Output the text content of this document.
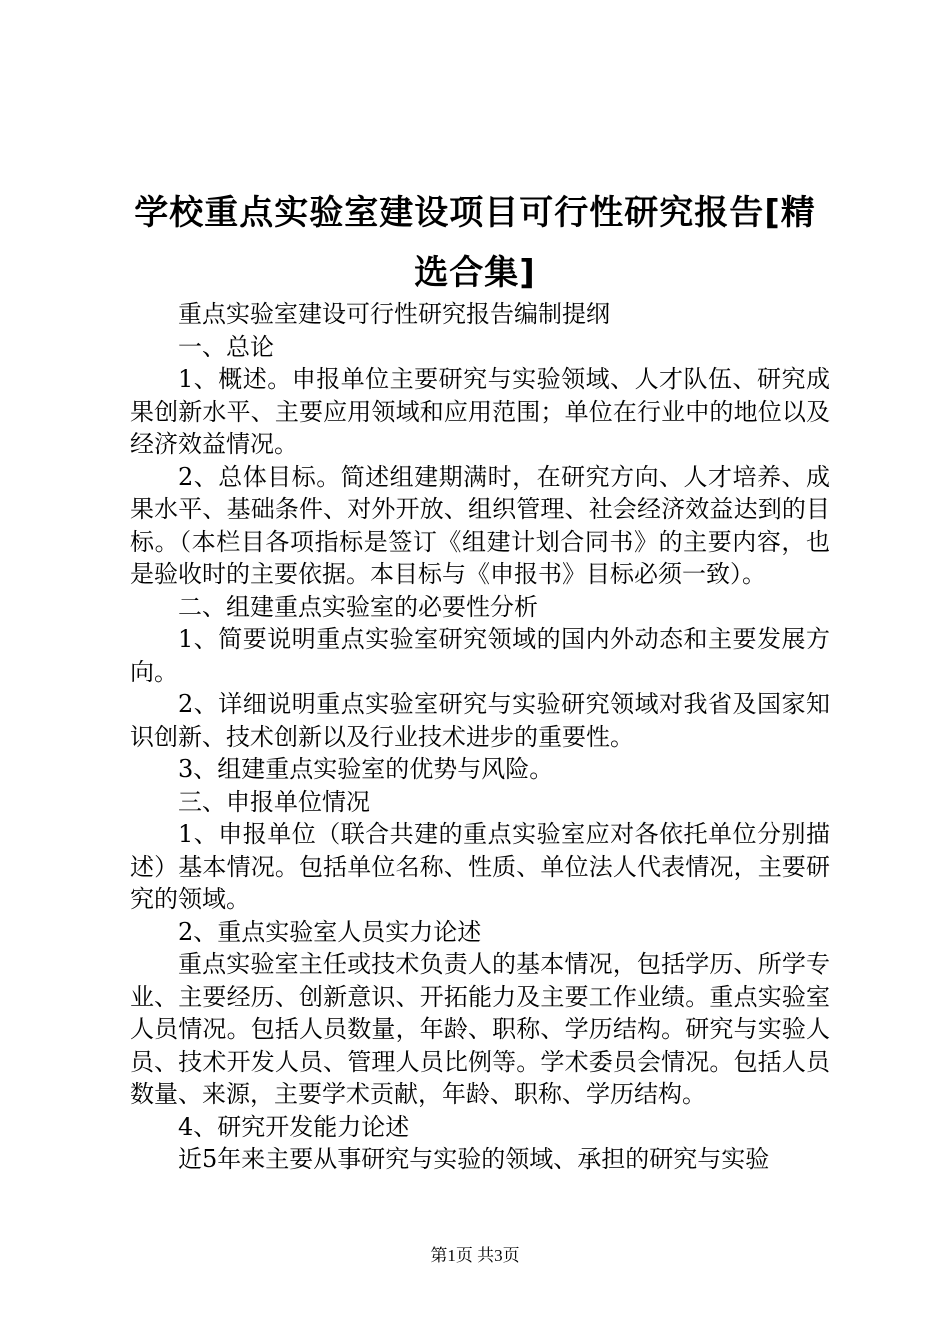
学校重点实验室建设项目可行性研究报告[精
选合集]

重点实验室建设可行性研究报告编制提纲

一、总论

1、概述。申报单位主要研究与实验领域、人才队伍、研究成果创新水平、主要应用领域和应用范围；单位在行业中的地位以及经济效益情况。

2、总体目标。简述组建期满时，在研究方向、人才培养、成果水平、基础条件、对外开放、组织管理、社会经济效益达到的目标。（本栏目各项指标是签订《组建计划合同书》的主要内容，也是验收时的主要依据。本目标与《申报书》目标必须一致）。

二、组建重点实验室的必要性分析

1、简要说明重点实验室研究领域的国内外动态和主要发展方向。

2、详细说明重点实验室研究与实验研究领域对我省及国家知识创新、技术创新以及行业技术进步的重要性。

3、组建重点实验室的优势与风险。

三、申报单位情况

1、申报单位（联合共建的重点实验室应对各依托单位分别描述）基本情况。包括单位名称、性质、单位法人代表情况，主要研究的领域。

2、重点实验室人员实力论述

重点实验室主任或技术负责人的基本情况，包括学历、所学专业、主要经历、创新意识、开拓能力及主要工作业绩。重点实验室人员情况。包括人员数量，年龄、职称、学历结构。研究与实验人员、技术开发人员、管理人员比例等。学术委员会情况。包括人员数量、来源，主要学术贡献，年龄、职称、学历结构。

4、研究开发能力论述

近5年来主要从事研究与实验的领域、承担的研究与实验

第1页 共3页
